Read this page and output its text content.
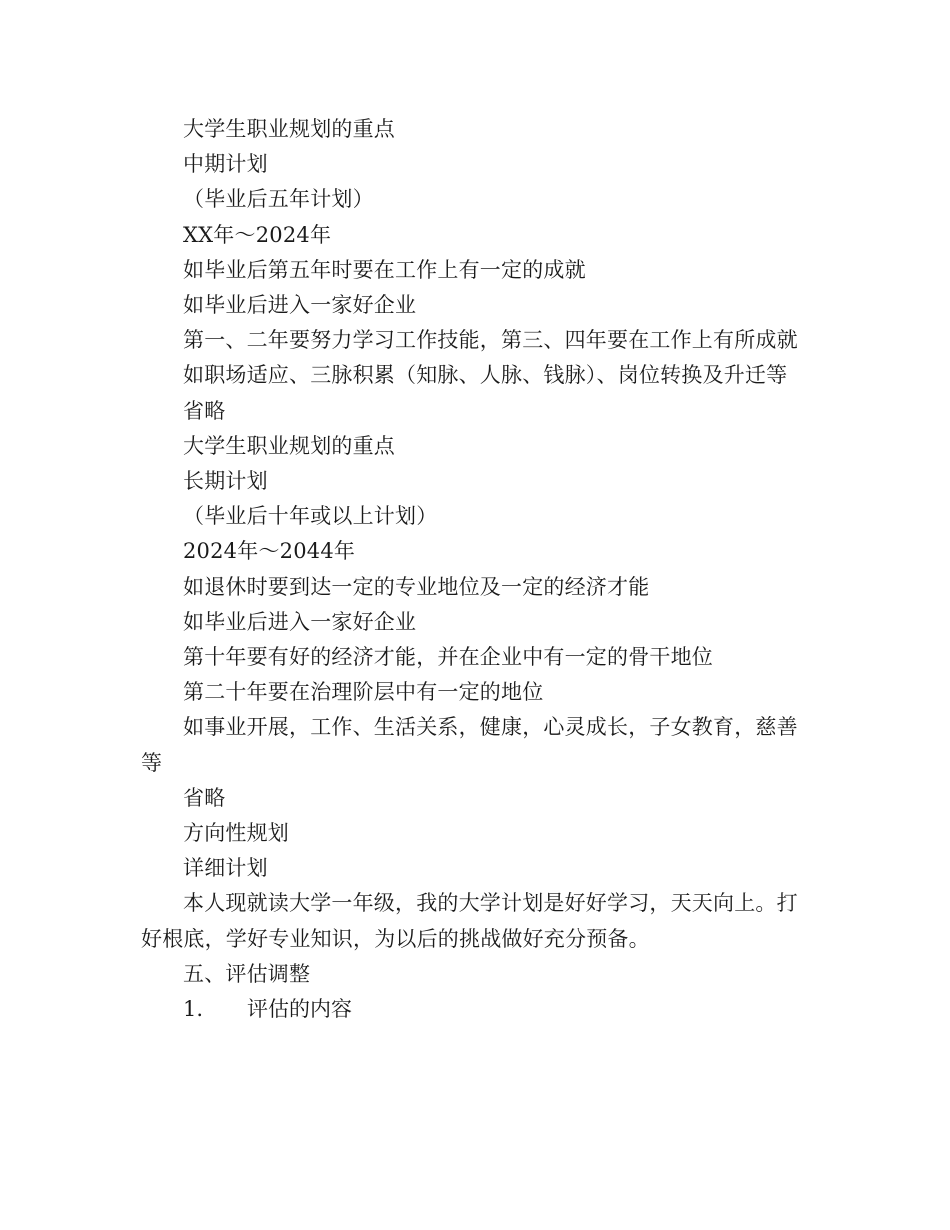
大学生职业规划的重点

中期计划

（毕业后五年计划）

XX年～2024年

如毕业后第五年时要在工作上有一定的成就

如毕业后进入一家好企业

第一、二年要努力学习工作技能，第三、四年要在工作上有所成就

如职场适应、三脉积累（知脉、人脉、钱脉）、岗位转换及升迁等

省略

大学生职业规划的重点

长期计划

（毕业后十年或以上计划）

2024年～2044年

如退休时要到达一定的专业地位及一定的经济才能

如毕业后进入一家好企业

第十年要有好的经济才能，并在企业中有一定的骨干地位

第二十年要在治理阶层中有一定的地位

如事业开展，工作、生活关系，健康，心灵成长，子女教育，慈善等

省略

方向性规划

详细计划

本人现就读大学一年级，我的大学计划是好好学习，天天向上。打好根底，学好专业知识，为以后的挑战做好充分预备。

五、评估调整

1.	评估的内容
